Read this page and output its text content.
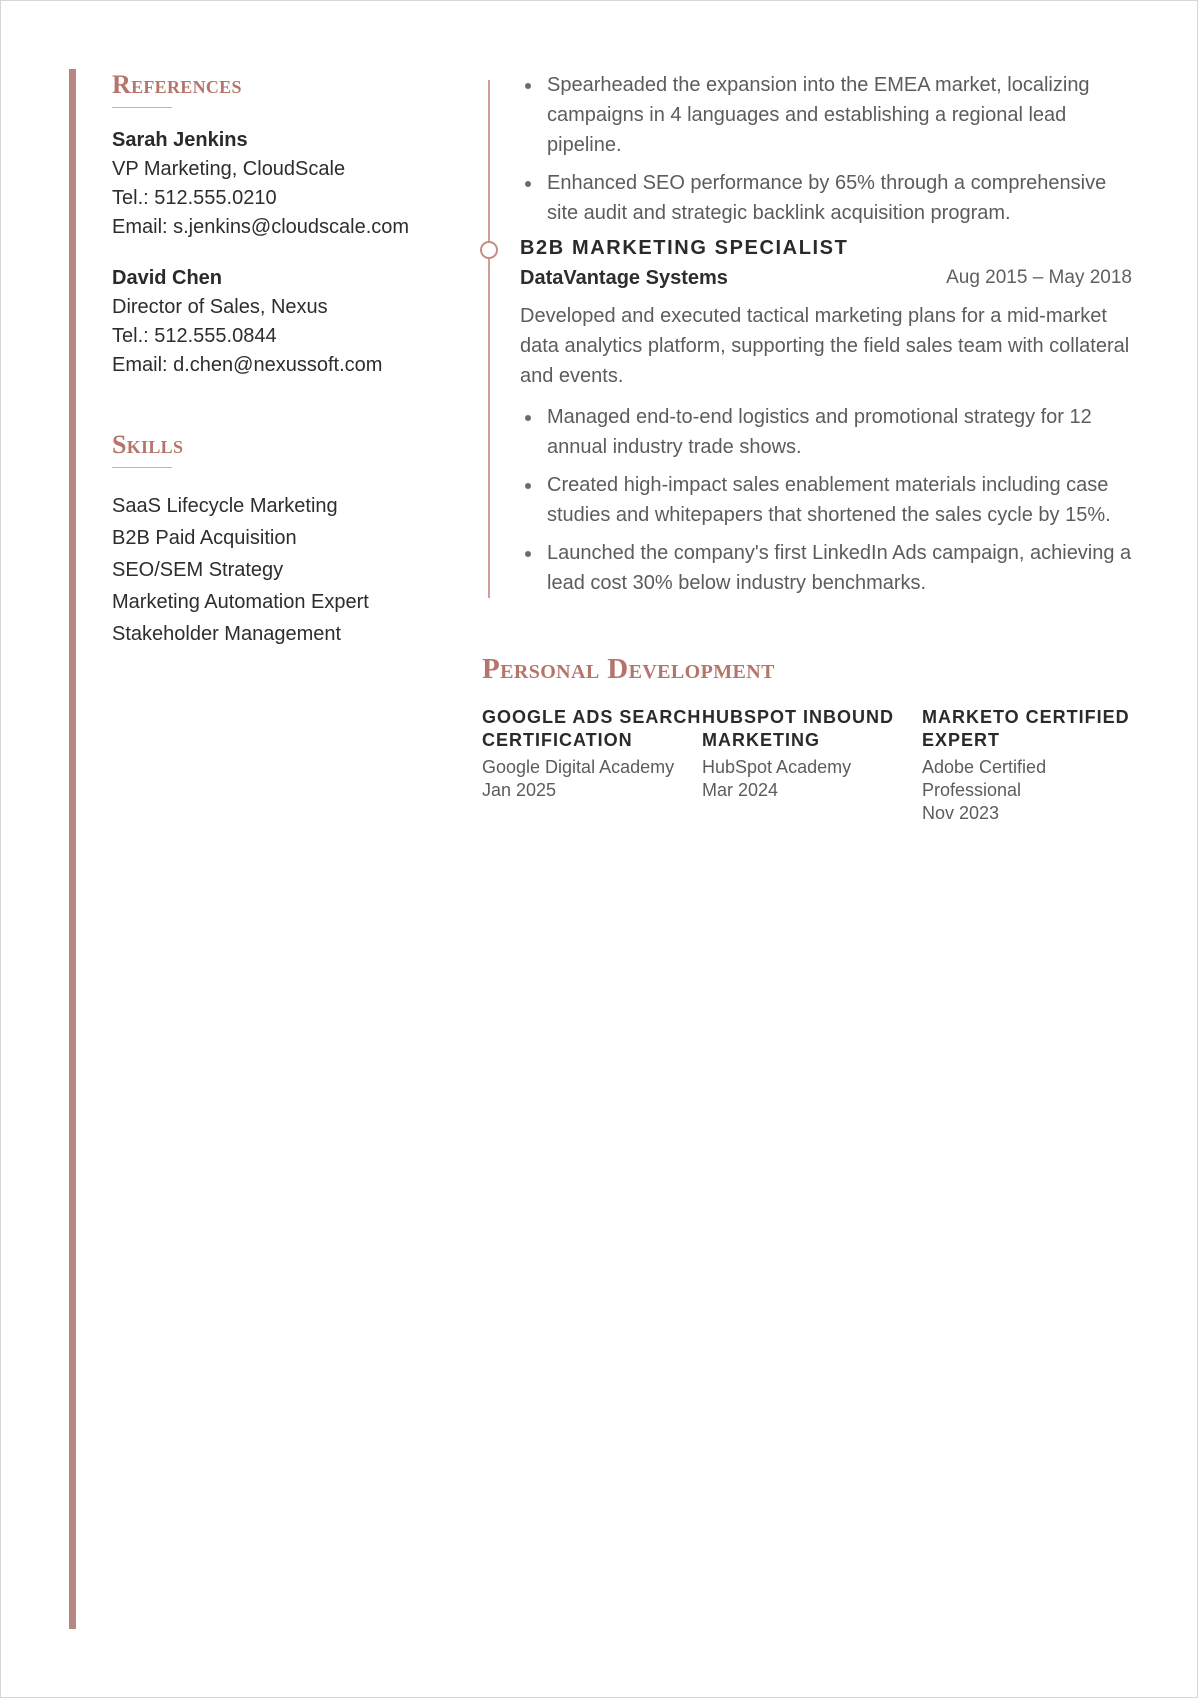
References
Sarah Jenkins
VP Marketing, CloudScale
Tel.: 512.555.0210
Email: s.jenkins@cloudscale.com
David Chen
Director of Sales, Nexus
Tel.: 512.555.0844
Email: d.chen@nexussoft.com
Skills
SaaS Lifecycle Marketing
B2B Paid Acquisition
SEO/SEM Strategy
Marketing Automation Expert
Stakeholder Management
Spearheaded the expansion into the EMEA market, localizing campaigns in 4 languages and establishing a regional lead pipeline.
Enhanced SEO performance by 65% through a comprehensive site audit and strategic backlink acquisition program.
B2B MARKETING SPECIALIST
DataVantage Systems	Aug 2015 – May 2018
Developed and executed tactical marketing plans for a mid-market data analytics platform, supporting the field sales team with collateral and events.
Managed end-to-end logistics and promotional strategy for 12 annual industry trade shows.
Created high-impact sales enablement materials including case studies and whitepapers that shortened the sales cycle by 15%.
Launched the company's first LinkedIn Ads campaign, achieving a lead cost 30% below industry benchmarks.
Personal Development
GOOGLE ADS SEARCH CERTIFICATION
Google Digital Academy
Jan 2025
HUBSPOT INBOUND MARKETING
HubSpot Academy
Mar 2024
MARKETO CERTIFIED EXPERT
Adobe Certified Professional
Nov 2023
